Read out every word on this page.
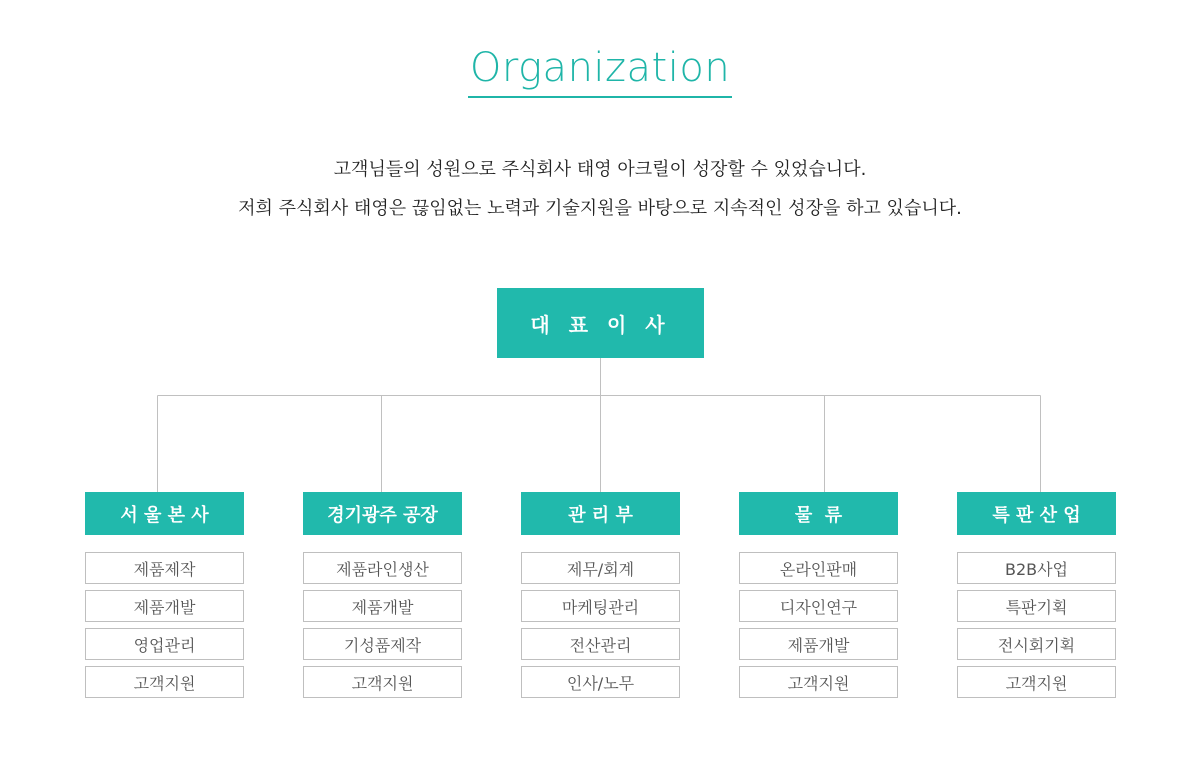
Organization
고객님들의 성원으로 주식회사 태영 아크릴이 성장할 수 있었습니다.
저희 주식회사 태영은 끊임없는 노력과 기술지원을 바탕으로 지속적인 성장을 하고 있습니다.
대 표 이 사
서 울 본 사	경기광주 공장	관 리 부	물  류	특 판 산 업
제품제작
제품개발
영업관리
고객지원
제품라인생산
제품개발
기성품제작
고객지원
제무/회계
마케팅관리
전산관리
인사/노무
온라인판매
디자인연구
제품개발
고객지원
B2B사업
특판기획
전시회기획
고객지원
